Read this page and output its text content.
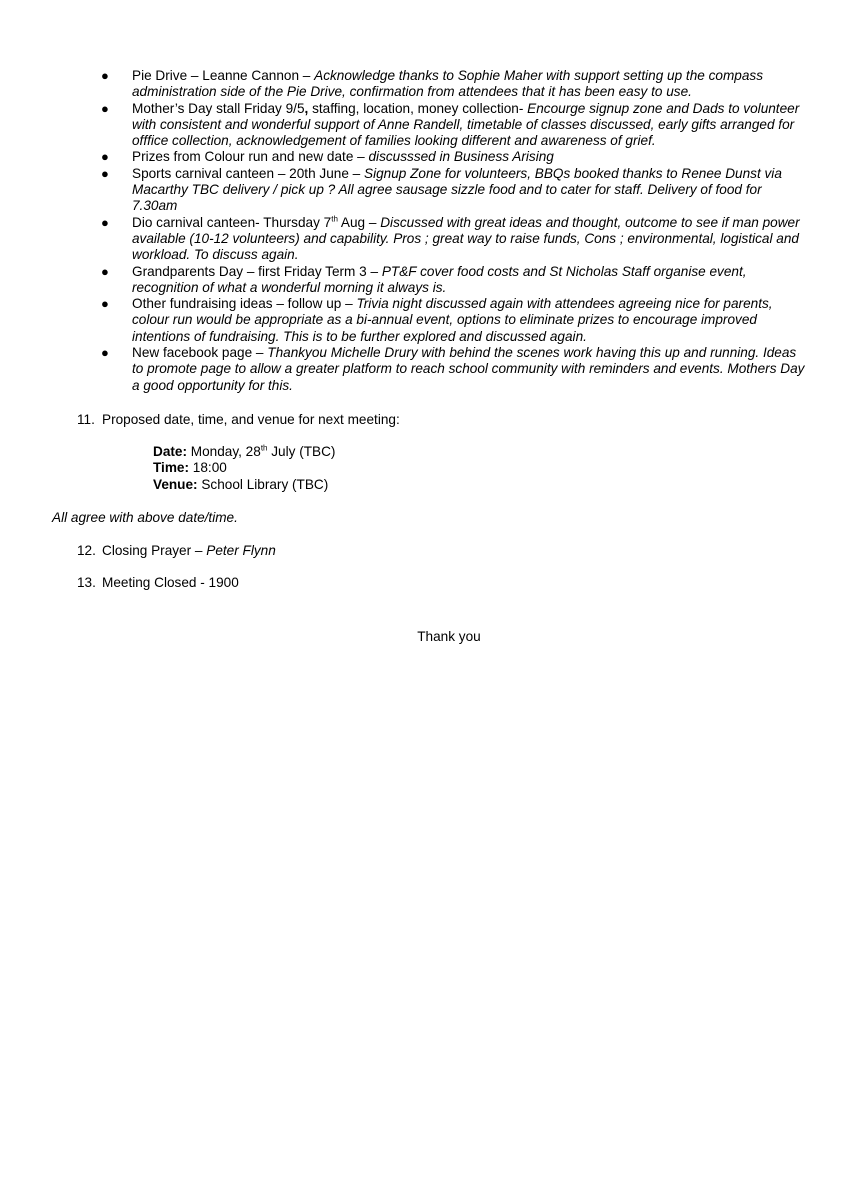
● Pie Drive – Leanne Cannon – Acknowledge thanks to Sophie Maher with support setting up the compass administration side of the Pie Drive, confirmation from attendees that it has been easy to use.
● Mother’s Day stall Friday 9/5, staffing, location, money collection- Encourge signup zone and Dads to volunteer with consistent and wonderful support of Anne Randell, timetable of classes discussed, early gifts arranged for offfice collection, acknowledgement of families looking different and awareness of grief.
● Prizes from Colour run and new date – discusssed in Business Arising
● Sports carnival canteen – 20th June – Signup Zone for volunteers, BBQs booked thanks to Renee Dunst via Macarthy TBC delivery / pick up ? All agree sausage sizzle food and to cater for staff. Delivery of food for 7.30am
● Dio carnival canteen- Thursday 7th Aug – Discussed with great ideas and thought, outcome to see if man power available (10-12 volunteers) and capability. Pros ; great way to raise funds, Cons ; environmental, logistical and workload. To discuss again.
● Grandparents Day – first Friday Term 3 – PT&F cover food costs and St Nicholas Staff organise event, recognition of what a wonderful morning it always is.
● Other fundraising ideas – follow up – Trivia night discussed again with attendees agreeing nice for parents, colour run would be appropriate as a bi-annual event, options to eliminate prizes to encourage improved intentions of fundraising. This is to be further explored and discussed again.
● New facebook page – Thankyou Michelle Drury with behind the scenes work having this up and running. Ideas to promote page to allow a greater platform to reach school community with reminders and events. Mothers Day a good opportunity for this.
11. Proposed date, time, and venue for next meeting:
Date: Monday, 28th July (TBC)
Time: 18:00
Venue: School Library (TBC)
All agree with above date/time.
12. Closing Prayer – Peter Flynn
13. Meeting Closed - 1900
Thank you
